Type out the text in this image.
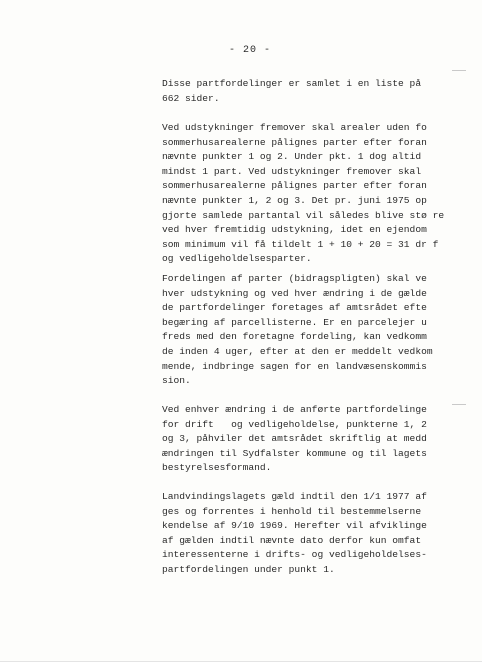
- 20 -
Disse partfordelinger er samlet i en liste på
662 sider.
Ved udstykninger fremover skal arealer uden fo
sommerhusarealerne pålignes parter efter foran
nævnte punkter 1 og 2. Under pkt. 1 dog altid
mindst 1 part. Ved udstykninger fremover skal
sommerhusarealerne pålignes parter efter foran
nævnte punkter 1, 2 og 3. Det pr. juni 1975 op
gjorte samlede partantal vil således blive stø re
ved hver fremtidig udstykning, idet en ejendom
som minimum vil få tildelt 1 + 10 + 20 = 31 dr f
og vedligeholdelsesparter.
Fordelingen af parter (bidragspligten) skal ve
hver udstykning og ved hver ændring i de gælde
de partfordelinger foretages af amtsrådet efte
begæring af parcellisterne. Er en parcelejer u
freds med den foretagne fordeling, kan vedkomm
de inden 4 uger, efter at den er meddelt vedkom
mende, indbringe sagen for en landvæsenskommis
sion.
Ved enhver ændring i de anførte partfordelinge
for drift   og vedligeholdelse, punkterne 1, 2
og 3, påhviler det amtsrådet skriftlig at medd
ændringen til Sydfalster kommune og til lagets
bestyrelsesformand.
Landvindingslagets gæld indtil den 1/1 1977 af
ges og forrentes i henhold til bestemmelserne
kendelse af 9/10 1969. Herefter vil afviklinge
af gælden indtil nævnte dato derfor kun omfat
interessenterne i drifts- og vedligeholdelses-
partfordelingen under punkt 1.
